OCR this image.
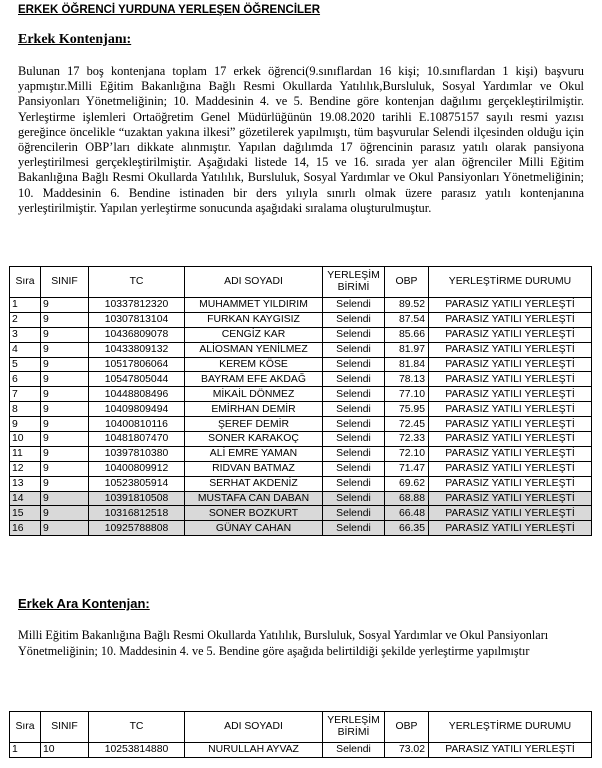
ERKEK ÖĞRENCİ YURDUNA YERLEŞEN ÖĞRENCİLER
Erkek Kontenjanı:
Bulunan 17 boş kontenjana toplam 17 erkek öğrenci(9.sınıflardan 16 kişi; 10.sınıflardan 1 kişi) başvuru yapmıştır.Milli Eğitim Bakanlığına Bağlı Resmi Okullarda Yatılılık,Bursluluk, Sosyal Yardımlar ve Okul Pansiyonları Yönetmeliğinin; 10. Maddesinin 4. ve 5. Bendine göre kontenjan dağılımı gerçekleştirilmiştir. Yerleştirme işlemleri Ortaöğretim Genel Müdürlüğünün 19.08.2020 tarihli E.10875157 sayılı resmi yazısı gereğince öncelikle “uzaktan yakına ilkesi” gözetilerek yapılmıştı, tüm başvurular Selendi ilçesinden olduğu için öğrencilerin OBP’ları dikkate alınmıştır. Yapılan dağılımda 17 öğrencinin parasız yatılı olarak pansiyona yerleştirilmesi gerçekleştirilmiştir. Aşağıdaki listede 14, 15 ve 16. sırada yer alan öğrenciler Milli Eğitim Bakanlığına Bağlı Resmi Okullarda Yatılılık, Bursluluk, Sosyal Yardımlar ve Okul Pansiyonları Yönetmeliğinin; 10. Maddesinin 6. Bendine istinaden bir ders yılıyla sınırlı olmak üzere parasız yatılı kontenjanına yerleştirilmiştir. Yapılan yerleştirme sonucunda aşağıdaki sıralama oluşturulmuştur.
Sıra	SINIF	TC	ADI SOYADI	YERLEŞİM BİRİMİ	OBP	YERLEŞTİRME DURUMU
1	9	10337812320	MUHAMMET YILDIRIM	Selendi	89.52	PARASIZ YATILI YERLEŞTİ
2	9	10307813104	FURKAN KAYGISIZ	Selendi	87.54	PARASIZ YATILI YERLEŞTİ
3	9	10436809078	CENGİZ KAR	Selendi	85.66	PARASIZ YATILI YERLEŞTİ
4	9	10433809132	ALİOSMAN YENİLMEZ	Selendi	81.97	PARASIZ YATILI YERLEŞTİ
5	9	10517806064	KEREM KÖSE	Selendi	81.84	PARASIZ YATILI YERLEŞTİ
6	9	10547805044	BAYRAM EFE AKDAĞ	Selendi	78.13	PARASIZ YATILI YERLEŞTİ
7	9	10448808496	MİKAİL DÖNMEZ	Selendi	77.10	PARASIZ YATILI YERLEŞTİ
8	9	10409809494	EMİRHAN DEMİR	Selendi	75.95	PARASIZ YATILI YERLEŞTİ
9	9	10400810116	ŞEREF DEMİR	Selendi	72.45	PARASIZ YATILI YERLEŞTİ
10	9	10481807470	SONER KARAKOÇ	Selendi	72.33	PARASIZ YATILI YERLEŞTİ
11	9	10397810380	ALİ EMRE YAMAN	Selendi	72.10	PARASIZ YATILI YERLEŞTİ
12	9	10400809912	RIDVAN BATMAZ	Selendi	71.47	PARASIZ YATILI YERLEŞTİ
13	9	10523805914	SERHAT AKDENİZ	Selendi	69.62	PARASIZ YATILI YERLEŞTİ
14	9	10391810508	MUSTAFA CAN DABAN	Selendi	68.88	PARASIZ YATILI YERLEŞTİ
15	9	10316812518	SONER BOZKURT	Selendi	66.48	PARASIZ YATILI YERLEŞTİ
16	9	10925788808	GÜNAY CAHAN	Selendi	66.35	PARASIZ YATILI YERLEŞTİ
Erkek Ara Kontenjan:
Milli Eğitim Bakanlığına Bağlı Resmi Okullarda Yatılılık, Bursluluk, Sosyal Yardımlar ve Okul Pansiyonları Yönetmeliğinin; 10. Maddesinin 4. ve 5. Bendine göre aşağıda belirtildiği şekilde yerleştirme yapılmıştır
Sıra	SINIF	TC	ADI SOYADI	YERLEŞİM BİRİMİ	OBP	YERLEŞTİRME DURUMU
1	10	10253814880	NURULLAH AYVAZ	Selendi	73.02	PARASIZ YATILI YERLEŞTİ
